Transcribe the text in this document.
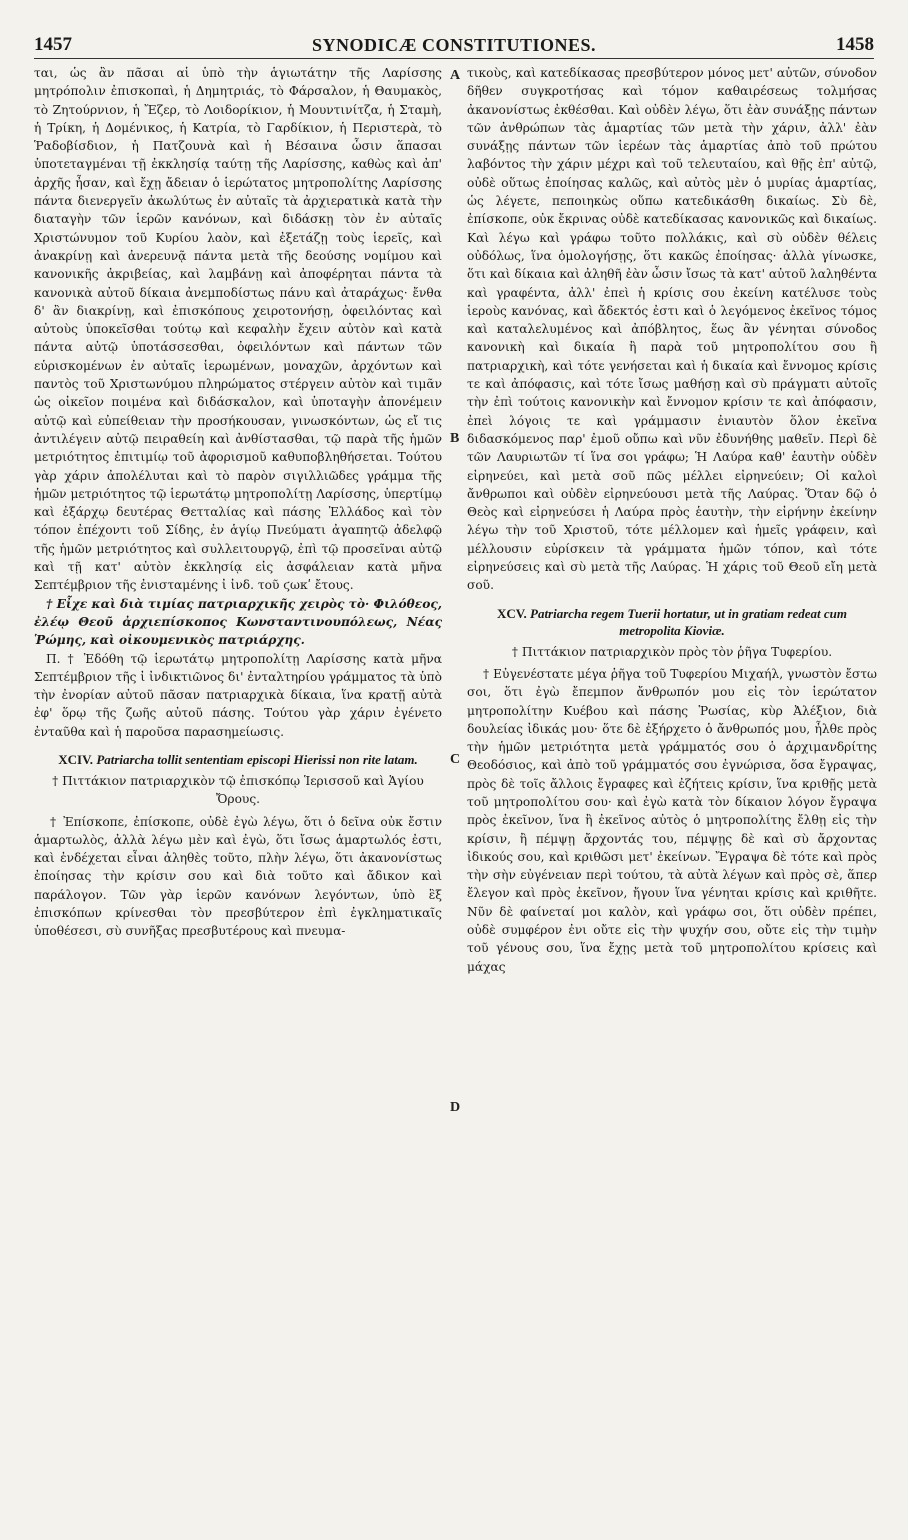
1457	SYNODICÆ CONSTITUTIONES.	1458
A
B
C
D

ται, ὡς ἂν πᾶσαι αἱ ὑπὸ τὴν ἁγιωτάτην τῆς Λαρίσσης μητρόπολιν ἐπισκοπαὶ, ἡ Δημητριάς, τὸ Φάρσαλον, ἡ Θαυμακὸς, τὸ Ζητούρνιον, ἡ Ἔζερ, τὸ Λοιδορίκιον, ἡ Μουντινίτζα, ἡ Σταμὴ, ἡ Τρίκη, ἡ Δομένικος, ἡ Κατρία, τὸ Γαρδίκιον, ἡ Περιστερὰ, τὸ Ῥαδοβίσδιον, ἡ Πατζουνὰ καὶ ἡ Βέσαινα ὦσιν ἅπασαι ὑποτεταγμέναι τῇ ἐκκλησίᾳ ταύτῃ τῆς Λαρίσσης, καθὼς καὶ ἀπ' ἀρχῆς ἦσαν, καὶ ἔχῃ ἄδειαν ὁ ἱερώτατος μητροπολίτης Λαρίσσης πάντα διενεργεῖν ἀκωλύτως ἐν αὐταῖς τὰ ἀρχιερατικὰ κατὰ τὴν διαταγὴν τῶν ἱερῶν κανόνων, καὶ διδάσκῃ τὸν ἐν αὐταῖς Χριστώνυμον τοῦ Κυρίου λαὸν, καὶ ἐξετάζῃ τοὺς ἱερεῖς, καὶ ἀνακρίνῃ καὶ ἀνερευνᾷ πάντα μετὰ τῆς δεούσης νομίμου καὶ κανονικῆς ἀκριβείας, καὶ λαμβάνῃ καὶ ἀποφέρηται πάντα τὰ κανονικὰ αὐτοῦ δίκαια ἀνεμποδίστως πάνυ καὶ ἀταράχως· ἔνθα δ' ἂν διακρίνῃ, καὶ ἐπισκόπους χειροτονήσῃ, ὀφειλόντας καὶ αὐτοὺς ὑποκεῖσθαι τούτῳ καὶ κεφαλὴν ἔχειν αὐτὸν καὶ κατὰ πάντα αὐτῷ ὑποτάσσεσθαι, ὀφειλόντων καὶ πάντων τῶν εὑρισκομένων ἐν αὐταῖς ἱερωμένων, μοναχῶν, ἀρχόντων καὶ παντὸς τοῦ Χριστωνύμου πληρώματος στέργειν αὐτὸν καὶ τιμᾶν ὡς οἰκεῖον ποιμένα καὶ διδάσκαλον, καὶ ὑποταγὴν ἀπονέμειν αὐτῷ καὶ εὐπείθειαν τὴν προσήκουσαν, γινωσκόντων, ὡς εἴ τις ἀντιλέγειν αὐτῷ πειραθείη καὶ ἀνθίστασθαι, τῷ παρὰ τῆς ἡμῶν μετριότητος ἐπιτιμίῳ τοῦ ἀφορισμοῦ καθυποβληθήσεται. Τούτου γὰρ χάριν ἀπολέλυται καὶ τὸ παρὸν σιγιλλιῶδες γράμμα τῆς ἡμῶν μετριότητος τῷ ἱερωτάτῳ μητροπολίτῃ Λαρίσσης, ὑπερτίμῳ καὶ ἐξάρχῳ δευτέρας Θετταλίας καὶ πάσης Ἑλλάδος καὶ τὸν τόπον ἐπέχοντι τοῦ Σίδης, ἐν ἁγίῳ Πνεύματι ἀγαπητῷ ἀδελφῷ τῆς ἡμῶν μετριότητος καὶ συλλειτουργῷ, ἐπὶ τῷ προσεῖναι αὐτῷ καὶ τῇ κατ' αὐτὸν ἐκκλησίᾳ εἰς ἀσφάλειαν κατὰ μῆνα Σεπτέμβριον τῆς ἐνισταμένης ἰ ἰνδ. τοῦ ϛωκʹ ἔτους.

† Εἶχε καὶ διὰ τιμίας πατριαρχικῆς χειρὸς τὸ· Φιλόθεος, ἐλέῳ Θεοῦ ἀρχιεπίσκοπος Κωνσταντινουπόλεως, Νέας Ῥώμης, καὶ οἰκουμενικὸς πατριάρχης.

Π. † Ἐδόθη τῷ ἱερωτάτῳ μητροπολίτῃ Λαρίσσης κατὰ μῆνα Σεπτέμβριον τῆς ἰ ἰνδικτιῶνος δι' ἐνταλτηρίου γράμματος τὰ ὑπὸ τὴν ἐνορίαν αὐτοῦ πᾶσαν πατριαρχικὰ δίκαια, ἵνα κρατῇ αὐτὰ ἐφ' ὅρῳ τῆς ζωῆς αὐτοῦ πάσης. Τούτου γὰρ χάριν ἐγένετο ἐνταῦθα καὶ ἡ παροῦσα παρασημείωσις.

XCIV. Patriarcha tollit sententiam episcopi Hierissi non rite latam.

† Πιττάκιον πατριαρχικὸν τῷ ἐπισκόπῳ Ἱερισσοῦ καὶ Ἁγίου Ὄρους.

† Ἐπίσκοπε, ἐπίσκοπε, οὐδὲ ἐγὼ λέγω, ὅτι ὁ δεῖνα οὐκ ἔστιν ἁμαρτωλὸς, ἀλλὰ λέγω μὲν καὶ ἐγὼ, ὅτι ἴσως ἁμαρτωλός ἐστι, καὶ ἐνδέχεται εἶναι ἀληθὲς τοῦτο, πλὴν λέγω, ὅτι ἀκανονίστως ἐποίησας τὴν κρίσιν σου καὶ διὰ τοῦτο καὶ ἄδικον καὶ παράλογον. Τῶν γὰρ ἱερῶν κανόνων λεγόντων, ὑπὸ ἓξ ἐπισκόπων κρίνεσθαι τὸν πρεσβύτερον ἐπὶ ἐγκληματικαῖς ὑποθέσεσι, σὺ συνῆξας πρεσβυτέρους καὶ πνευμα-

τικοὺς, καὶ κατεδίκασας πρεσβύτερον μόνος μετ' αὐτῶν, σύνοδον δῆθεν συγκροτήσας καὶ τόμον καθαιρέσεως τολμήσας ἀκανονίστως ἐκθέσθαι. Καὶ οὐδὲν λέγω, ὅτι ἐὰν συνάξῃς πάντων τῶν ἀνθρώπων τὰς ἁμαρτίας τῶν μετὰ τὴν χάριν, ἀλλ' ἐὰν συνάξῃς πάντων τῶν ἱερέων τὰς ἁμαρτίας ἀπὸ τοῦ πρώτου λαβόντος τὴν χάριν μέχρι καὶ τοῦ τελευταίου, καὶ θῇς ἐπ' αὐτῷ, οὐδὲ οὕτως ἐποίησας καλῶς, καὶ αὐτὸς μὲν ὁ μυρίας ἁμαρτίας, ὡς λέγετε, πεποιηκὼς οὕπω κατεδικάσθη δικαίως. Σὺ δὲ, ἐπίσκοπε, οὐκ ἔκρινας οὐδὲ κατεδίκασας κανονικῶς καὶ δικαίως. Καὶ λέγω καὶ γράφω τοῦτο πολλάκις, καὶ σὺ οὐδὲν θέλεις οὐδόλως, ἵνα ὁμολογήσῃς, ὅτι κακῶς ἐποίησας· ἀλλὰ γίνωσκε, ὅτι καὶ δίκαια καὶ ἀληθῆ ἐὰν ὦσιν ἴσως τὰ κατ' αὐτοῦ λαληθέντα καὶ γραφέντα, ἀλλ' ἐπεὶ ἡ κρίσις σου ἐκείνη κατέλυσε τοὺς ἱεροὺς κανόνας, καὶ ἄδεκτός ἐστι καὶ ὁ λεγόμενος ἐκεῖνος τόμος καὶ καταλελυμένος καὶ ἀπόβλητος, ἕως ἂν γένηται σύνοδος κανονικὴ καὶ δικαία ἢ παρὰ τοῦ μητροπολίτου σου ἢ πατριαρχικὴ, καὶ τότε γενήσεται καὶ ἡ δικαία καὶ ἔννομος κρίσις τε καὶ ἀπόφασις, καὶ τότε ἴσως μαθήσῃ καὶ σὺ πράγματι αὐτοῖς τὴν ἐπὶ τούτοις κανονικὴν καὶ ἔννομον κρίσιν τε καὶ ἀπόφασιν, ἐπεὶ λόγοις τε καὶ γράμμασιν ἐνιαυτὸν ὅλον ἐκεῖνα διδασκόμενος παρ' ἐμοῦ οὔπω καὶ νῦν ἐδυνήθης μαθεῖν. Περὶ δὲ τῶν Λαυριωτῶν τί ἵνα σοι γράφω; Ἡ Λαύρα καθ' ἑαυτὴν οὐδὲν εἰρηνεύει, καὶ μετὰ σοῦ πῶς μέλλει εἰρηνεύειν; Οἱ καλοὶ ἄνθρωποι καὶ οὐδὲν εἰρηνεύουσι μετὰ τῆς Λαύρας. Ὅταν δῷ ὁ Θεὸς καὶ εἰρηνεύσει ἡ Λαύρα πρὸς ἑαυτὴν, τὴν εἰρήνην ἐκείνην λέγω τὴν τοῦ Χριστοῦ, τότε μέλλομεν καὶ ἡμεῖς γράφειν, καὶ μέλλουσιν εὑρίσκειν τὰ γράμματα ἡμῶν τόπον, καὶ τότε εἰρηνεύσεις καὶ σὺ μετὰ τῆς Λαύρας. Ἡ χάρις τοῦ Θεοῦ εἴη μετὰ σοῦ.

XCV. Patriarcha regem Tuerii hortatur, ut in gratiam redeat cum metropolita Kioviæ.

† Πιττάκιον πατριαρχικὸν πρὸς τὸν ῥῆγα Τυφερίου.

† Εὐγενέστατε μέγα ῥῆγα τοῦ Τυφερίου Μιχαήλ, γνωστὸν ἔστω σοι, ὅτι ἐγὼ ἔπεμπον ἄνθρωπόν μου εἰς τὸν ἱερώτατον μητροπολίτην Κυέβου καὶ πάσης Ῥωσίας, κὺρ Ἀλέξιον, διὰ δουλείας ἰδικάς μου· ὅτε δὲ ἐξήρχετο ὁ ἄνθρωπός μου, ἦλθε πρὸς τὴν ἡμῶν μετριότητα μετὰ γράμματός σου ὁ ἀρχιμανδρίτης Θεοδόσιος, καὶ ἀπὸ τοῦ γράμματός σου ἐγνώρισα, ὅσα ἔγραψας, πρὸς δὲ τοῖς ἄλλοις ἔγραφες καὶ ἐζήτεις κρίσιν, ἵνα κριθῇς μετὰ τοῦ μητροπολίτου σου· καὶ ἐγὼ κατὰ τὸν δίκαιον λόγον ἔγραψα πρὸς ἐκεῖνον, ἵνα ἢ ἐκεῖνος αὐτὸς ὁ μητροπολίτης ἔλθῃ εἰς τὴν κρίσιν, ἢ πέμψῃ ἄρχοντάς του, πέμψῃς δὲ καὶ σὺ ἄρχοντας ἰδικούς σου, καὶ κριθῶσι μετ' ἐκείνων. Ἔγραψα δὲ τότε καὶ πρὸς τὴν σὴν εὐγένειαν περὶ τούτου, τὰ αὐτὰ λέγων καὶ πρὸς σὲ, ἅπερ ἔλεγον καὶ πρὸς ἐκεῖνον, ἤγουν ἵνα γένηται κρίσις καὶ κριθῆτε. Νῦν δὲ φαίνεταί μοι καλὸν, καὶ γράφω σοι, ὅτι οὐδὲν πρέπει, οὐδὲ συμφέρον ἐνι οὔτε εἰς τὴν ψυχήν σου, οὔτε εἰς τὴν τιμὴν τοῦ γένους σου, ἵνα ἔχῃς μετὰ τοῦ μητροπολίτου κρίσεις καὶ μάχας
